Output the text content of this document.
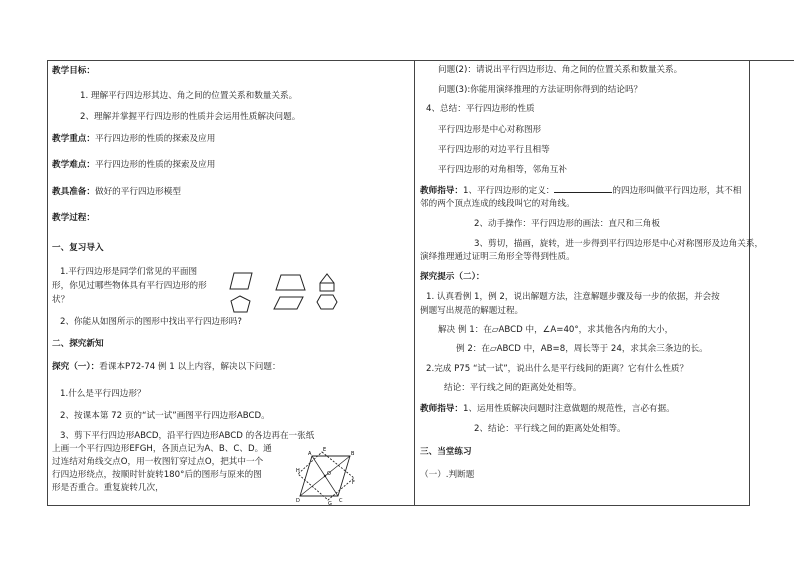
教学目标：
1. 理解平行四边形其边、角之间的位置关系和数量关系。
2、理解并掌握平行四边形的性质并会运用性质解决问题。
教学重点：平行四边形的性质的探索及应用
教学难点：平行四边形的性质的探索及应用
教具准备：做好的平行四边形模型
教学过程：
一、复习导入
1.平行四边形是同学们常见的平面图
形，你见过哪些物体具有平行四边形的形
状？
2、你能从如图所示的图形中找出平行四边形吗?
二、探究新知
探究（一）：看课本P72-74 例 1 以上内容，解决以下问题：
1.什么是平行四边形？
2、按课本第 72 页的“试一试”画图平行四边形ABCD。
3、剪下平行四边形ABCD，沿平行四边形ABCD 的各边再在一张纸
上画一个平行四边形EFGH，各顶点记为A、B、C、D。通
过连结对角线交点O，用一枚图钉穿过点O，把其中一个
行四边形绕点，按顺时针旋转180°后的图形与原来的图
形是否重合。重复旋转几次，
A	B
C
D
E
F
G
H	O
问题(2)：请说出平行四边形边、角之间的位置关系和数量关系。
问题(3):你能用演绎推理的方法证明你得到的结论吗？
4、总结：平行四边形的性质
平行四边形是中心对称图形
平行四边形的对边平行且相等
平行四边形的对角相等，邻角互补
教师指导：1、平行四边形的定义：	的四边形叫做平行四边形，其不相
邻的两个顶点连成的线段叫它的对角线。
2、动手操作：平行四边形的画法：直尺和三角板
3、剪切，描画，旋转，进一步得到平行四边形是中心对称图形及边角关系，
演绎推理通过证明三角形全等得到性质。
探究提示（二）：
1. 认真看例 1，例 2，说出解题方法，注意解题步骤及每一步的依据，并会按
例题写出规范的解题过程。
解决 例 1：在▱ABCD 中，∠A=40°，求其他各内角的大小，
例 2：在▱ABCD 中，AB=8，周长等于 24，求其余三条边的长。
2.完成 P75 “试一试”，说出什么是平行线间的距离？它有什么性质？
结论：平行线之间的距离处处相等。
教师指导：1、运用性质解决问题时注意做题的规范性，言必有据。
2、结论：平行线之间的距离处处相等。
三、当堂练习
（一）.判断题
